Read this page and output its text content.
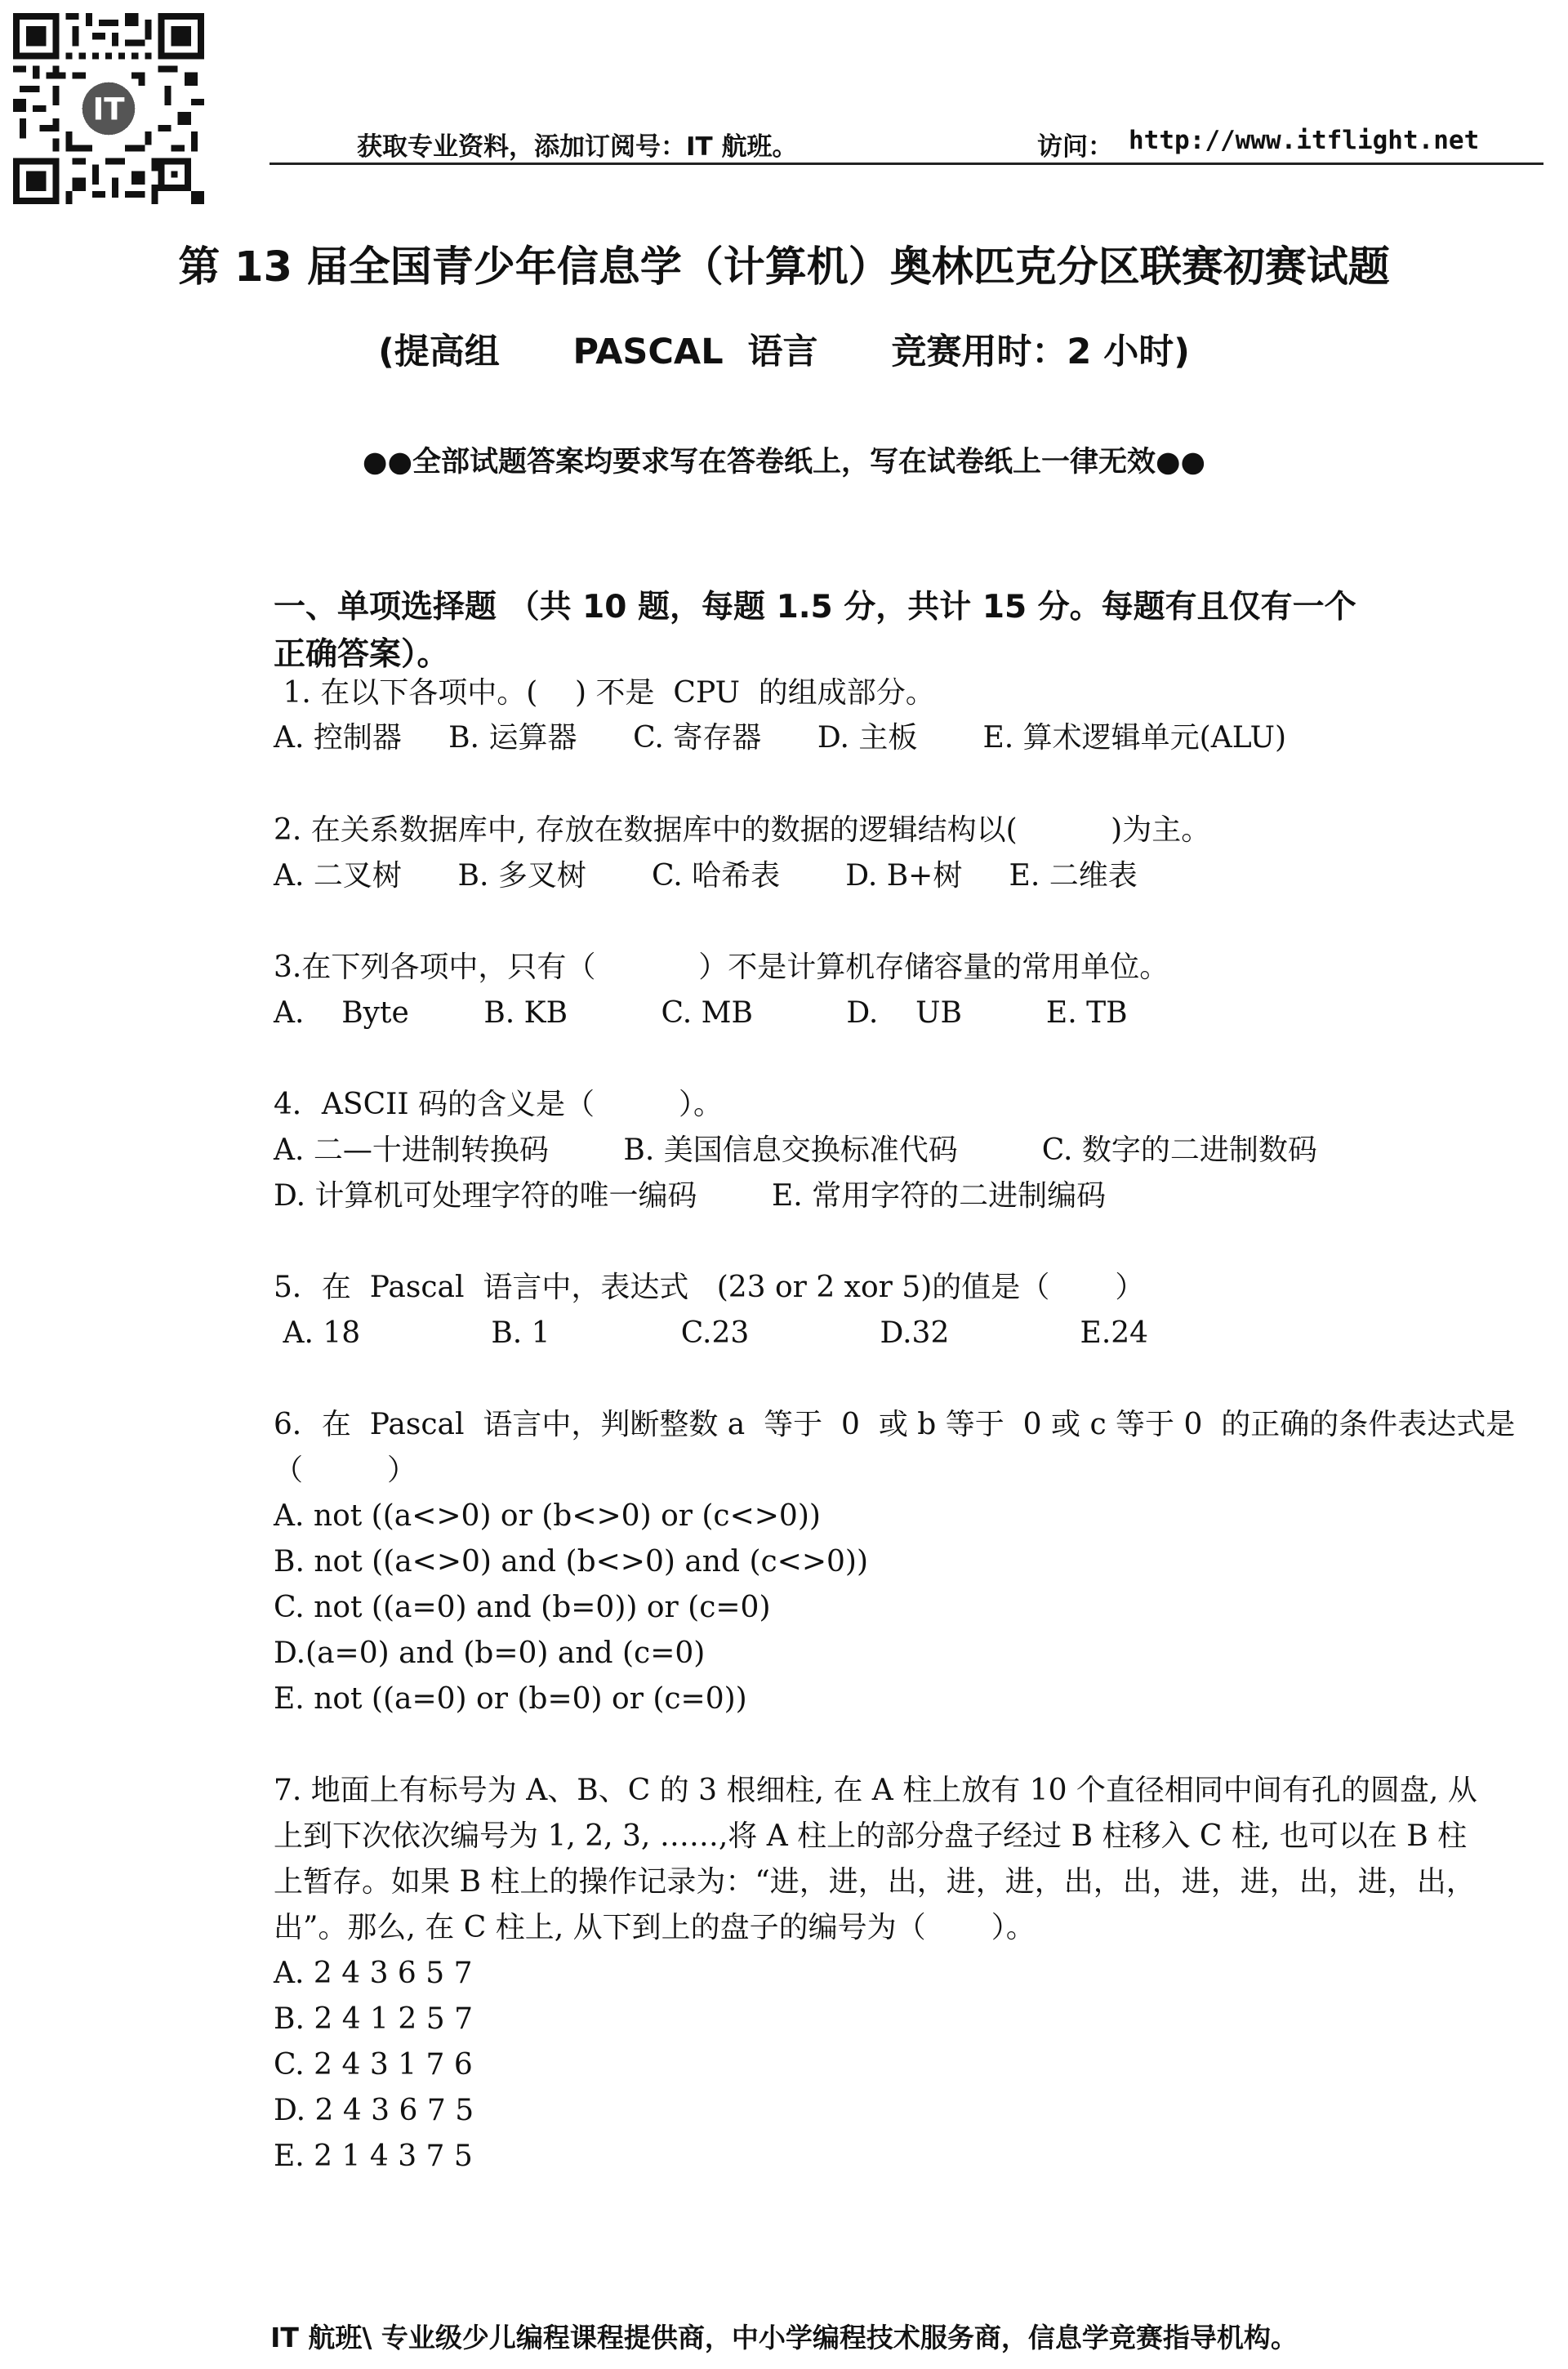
IT
获取专业资料，添加订阅号：IT 航班。	访问： http://www.itflight.net
第 13 届全国青少年信息学（计算机）奥林匹克分区联赛初赛试题
(提高组      PASCAL  语言      竞赛用时：2 小时)
●●全部试题答案均要求写在答卷纸上，写在试卷纸上一律无效●●
一、单项选择题 （共 10 题，每题 1.5 分，共计 15 分。每题有且仅有一个
正确答案）。
1. 在以下各项中。(    ) 不是  CPU  的组成部分。
A. 控制器     B. 运算器      C. 寄存器      D. 主板       E. 算术逻辑单元(ALU)
2. 在关系数据库中, 存放在数据库中的数据的逻辑结构以(          )为主。
A. 二叉树      B. 多叉树       C. 哈希表       D. B+树     E. 二维表
3.在下列各项中，只有（           ）不是计算机存储容量的常用单位。
A.    Byte        B. KB          C. MB          D.    UB         E. TB
4．ASCII 码的含义是（         ）。
A. 二—十进制转换码        B. 美国信息交换标准代码         C. 数字的二进制数码
D. 计算机可处理字符的唯一编码        E. 常用字符的二进制编码
5．在  Pascal  语言中，表达式   (23 or 2 xor 5)的值是（       ）
A. 18              B. 1              C.23              D.32              E.24
6．在  Pascal  语言中，判断整数 a  等于  0  或 b 等于  0 或 c 等于 0  的正确的条件表达式是
（         ）
A. not ((a<>0) or (b<>0) or (c<>0))
B. not ((a<>0) and (b<>0) and (c<>0))
C. not ((a=0) and (b=0)) or (c=0)
D.(a=0) and (b=0) and (c=0)
E. not ((a=0) or (b=0) or (c=0))
7. 地面上有标号为 A、B、C 的 3 根细柱, 在 A 柱上放有 10 个直径相同中间有孔的圆盘, 从
上到下次依次编号为 1, 2, 3, ……,将 A 柱上的部分盘子经过 B 柱移入 C 柱, 也可以在 B 柱
上暂存。如果 B 柱上的操作记录为：“进，进，出，进，进，出，出，进，进，出，进，出，
出”。那么, 在 C 柱上, 从下到上的盘子的编号为（       ）。
A. 2 4 3 6 5 7
B. 2 4 1 2 5 7
C. 2 4 3 1 7 6
D. 2 4 3 6 7 5
E. 2 1 4 3 7 5
IT 航班\ 专业级少儿编程课程提供商，中小学编程技术服务商，信息学竞赛指导机构。
